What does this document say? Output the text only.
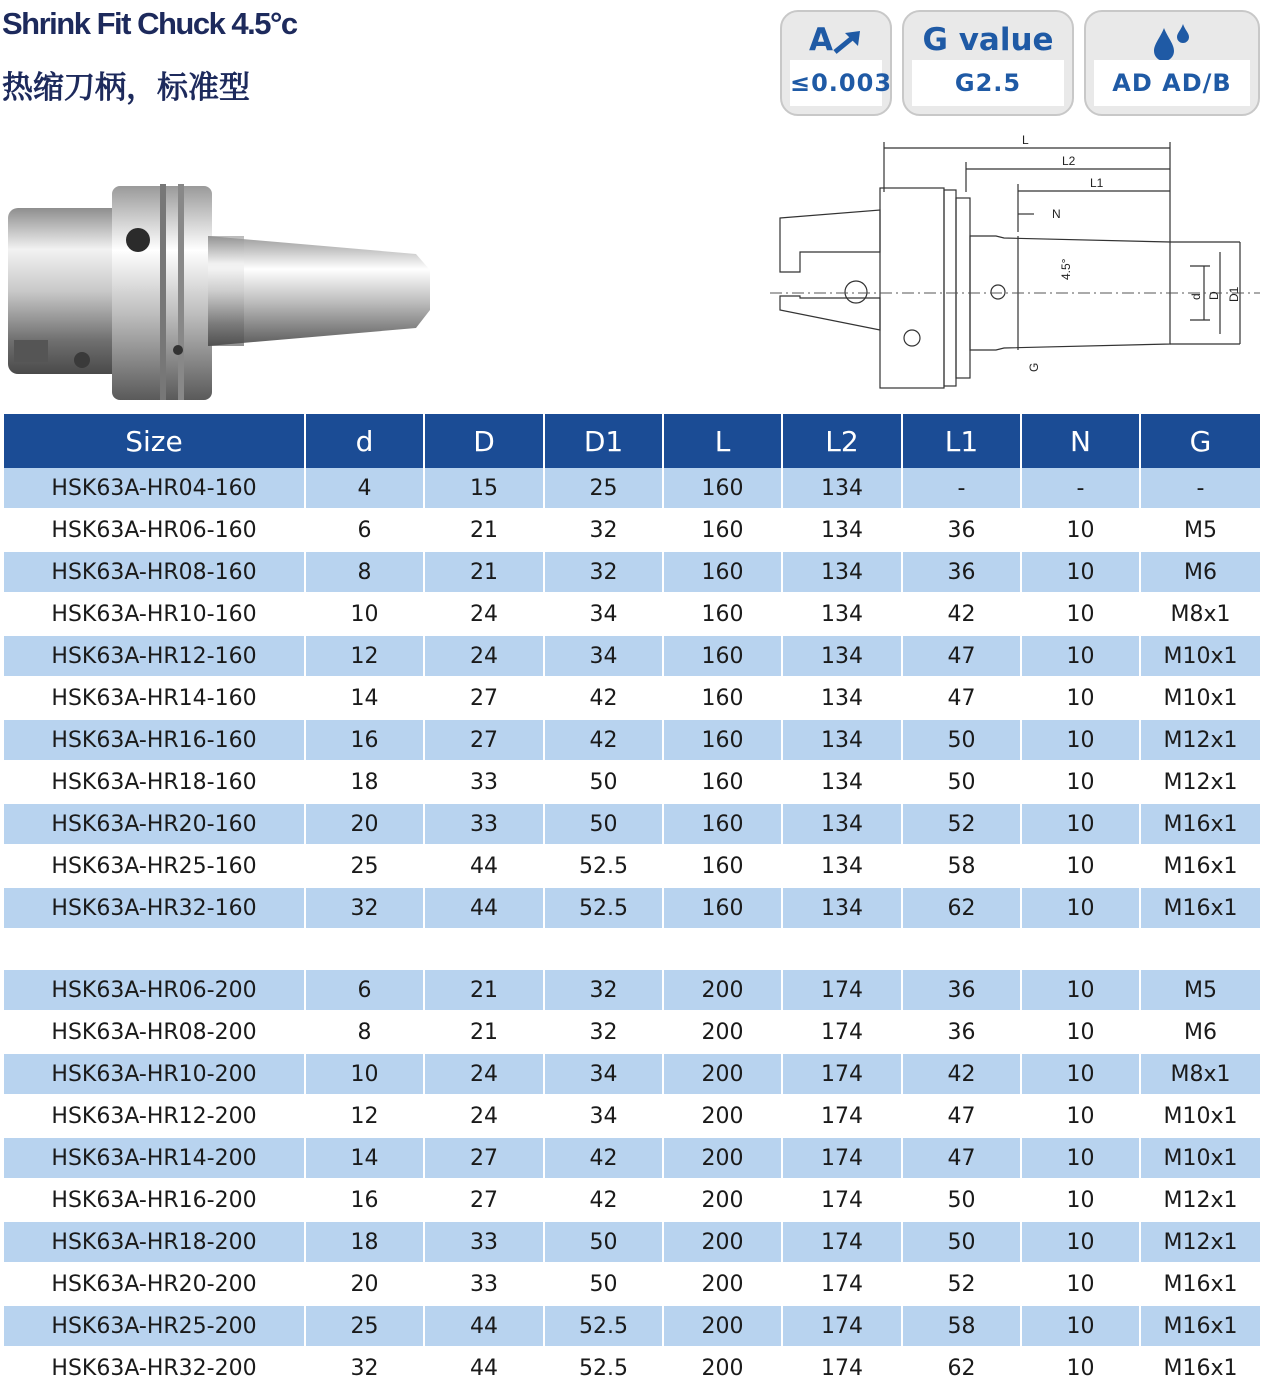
Shrink Fit Chuck 4.5°c
热缩刀柄，标准型
A
≤0.003
G value
G2.5	AD AD/B
L
L2
L1
N
4.5°
d D D1
G
Size	d	D	D1	L	L2	L1	N	G
HSK63A-HR04-160	4	15	25	160	134	-	-	-
HSK63A-HR06-160	6	21	32	160	134	36	10	M5
HSK63A-HR08-160	8	21	32	160	134	36	10	M6
HSK63A-HR10-160	10	24	34	160	134	42	10	M8x1
HSK63A-HR12-160	12	24	34	160	134	47	10	M10x1
HSK63A-HR14-160	14	27	42	160	134	47	10	M10x1
HSK63A-HR16-160	16	27	42	160	134	50	10	M12x1
HSK63A-HR18-160	18	33	50	160	134	50	10	M12x1
HSK63A-HR20-160	20	33	50	160	134	52	10	M16x1
HSK63A-HR25-160	25	44	52.5	160	134	58	10	M16x1
HSK63A-HR32-160	32	44	52.5	160	134	62	10	M16x1

HSK63A-HR06-200	6	21	32	200	174	36	10	M5
HSK63A-HR08-200	8	21	32	200	174	36	10	M6
HSK63A-HR10-200	10	24	34	200	174	42	10	M8x1
HSK63A-HR12-200	12	24	34	200	174	47	10	M10x1
HSK63A-HR14-200	14	27	42	200	174	47	10	M10x1
HSK63A-HR16-200	16	27	42	200	174	50	10	M12x1
HSK63A-HR18-200	18	33	50	200	174	50	10	M12x1
HSK63A-HR20-200	20	33	50	200	174	52	10	M16x1
HSK63A-HR25-200	25	44	52.5	200	174	58	10	M16x1
HSK63A-HR32-200	32	44	52.5	200	174	62	10	M16x1
